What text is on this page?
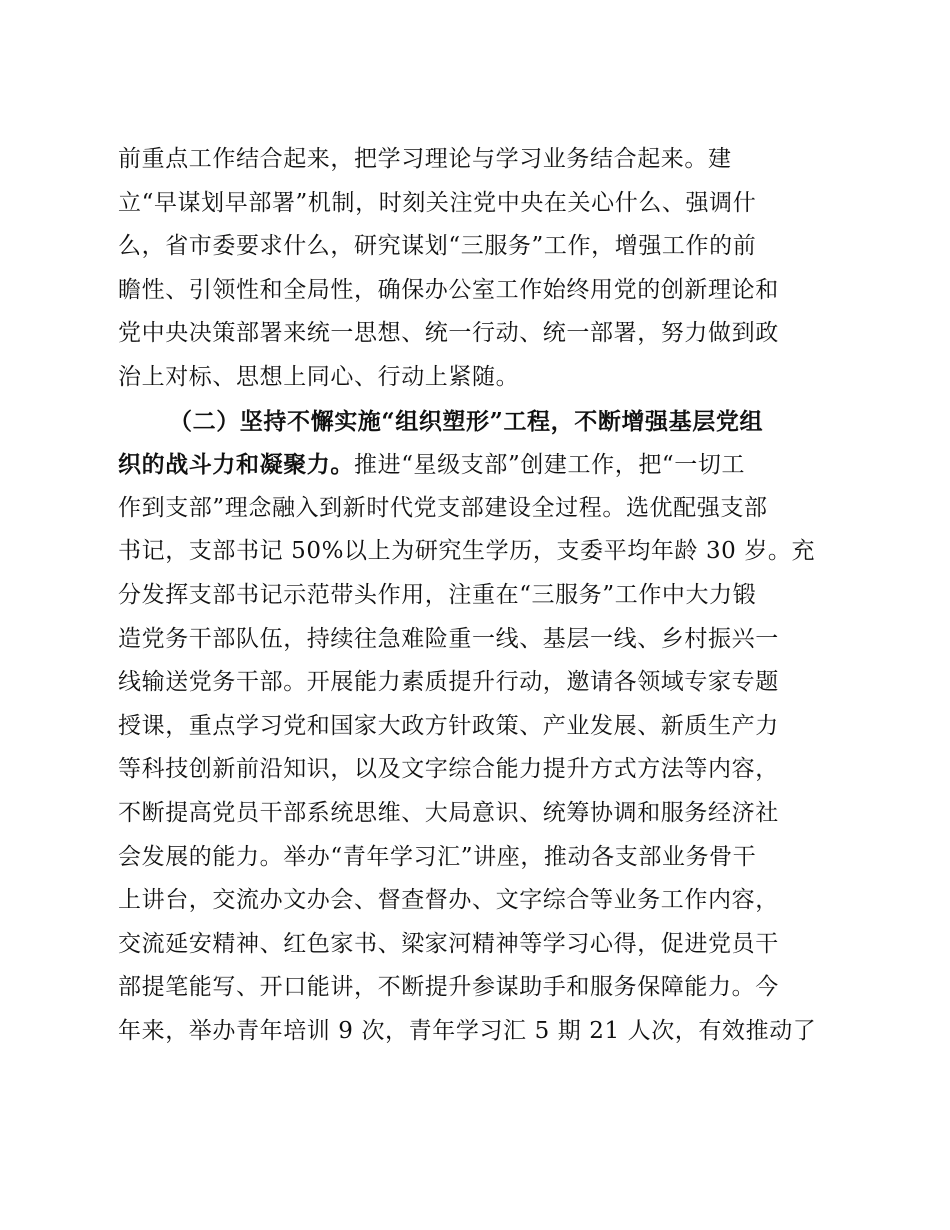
前重点工作结合起来，把学习理论与学习业务结合起来。建
立“早谋划早部署”机制，时刻关注党中央在关心什么、强调什
么，省市委要求什么，研究谋划“三服务”工作，增强工作的前
瞻性、引领性和全局性，确保办公室工作始终用党的创新理论和
党中央决策部署来统一思想、统一行动、统一部署，努力做到政
治上对标、思想上同心、行动上紧随。
（二）坚持不懈实施“组织塑形”工程，不断增强基层党组
织的战斗力和凝聚力。推进“星级支部”创建工作，把“一切工
作到支部”理念融入到新时代党支部建设全过程。选优配强支部
书记，支部书记 50%以上为研究生学历，支委平均年龄 30 岁。充
分发挥支部书记示范带头作用，注重在“三服务”工作中大力锻
造党务干部队伍，持续往急难险重一线、基层一线、乡村振兴一
线输送党务干部。开展能力素质提升行动，邀请各领域专家专题
授课，重点学习党和国家大政方针政策、产业发展、新质生产力
等科技创新前沿知识，以及文字综合能力提升方式方法等内容，
不断提高党员干部系统思维、大局意识、统筹协调和服务经济社
会发展的能力。举办“青年学习汇”讲座，推动各支部业务骨干
上讲台，交流办文办会、督查督办、文字综合等业务工作内容，
交流延安精神、红色家书、梁家河精神等学习心得，促进党员干
部提笔能写、开口能讲，不断提升参谋助手和服务保障能力。今
年来，举办青年培训 9 次，青年学习汇 5 期 21 人次，有效推动了
